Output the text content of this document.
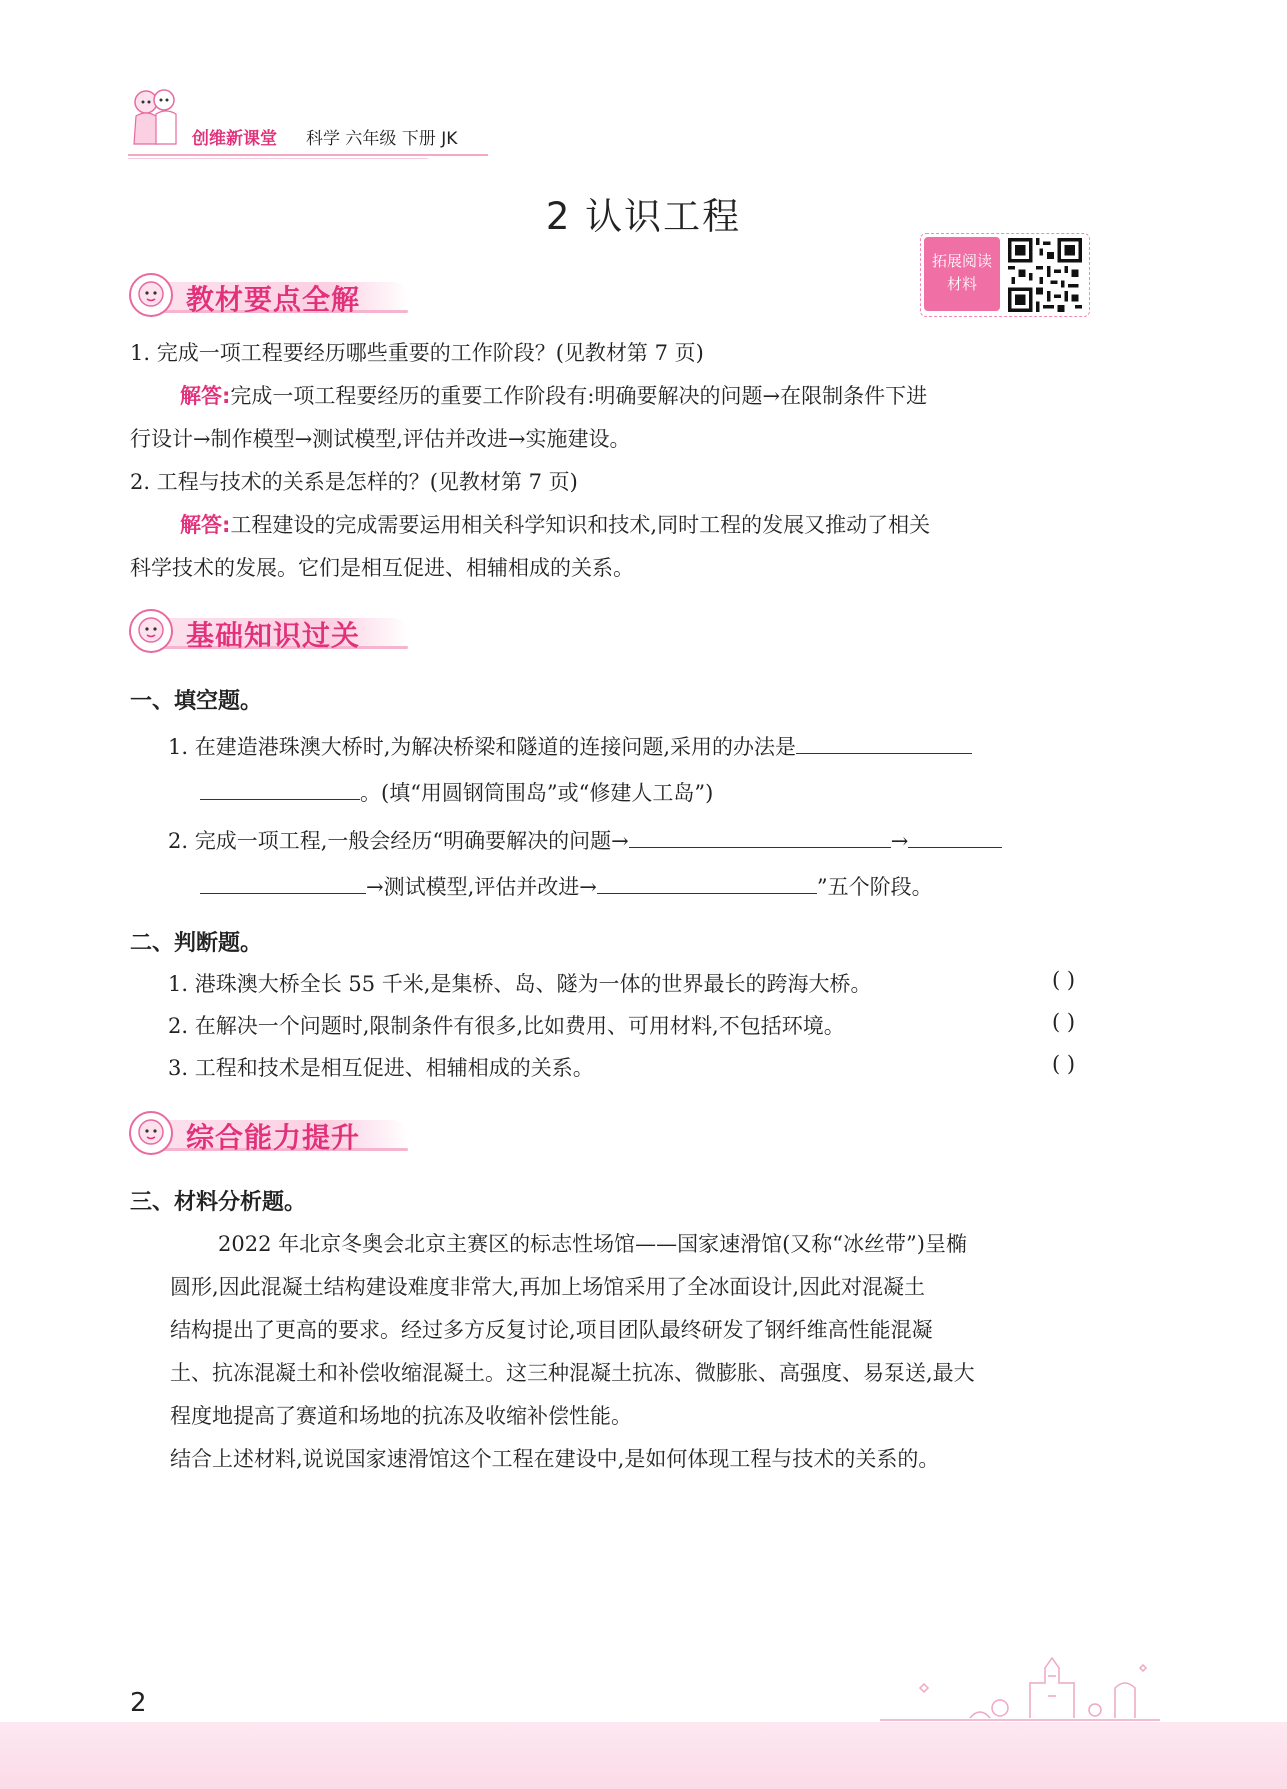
创维新课堂 科学 六年级 下册 JK
2 认识工程
拓展阅读
材料
教材要点全解
1. 完成一项工程要经历哪些重要的工作阶段？(见教材第 7 页)
解答:完成一项工程要经历的重要工作阶段有:明确要解决的问题→在限制条件下进
行设计→制作模型→测试模型,评估并改进→实施建设。
2. 工程与技术的关系是怎样的？(见教材第 7 页)
解答:工程建设的完成需要运用相关科学知识和技术,同时工程的发展又推动了相关
科学技术的发展。它们是相互促进、相辅相成的关系。
基础知识过关
一、填空题。
1. 在建造港珠澳大桥时,为解决桥梁和隧道的连接问题,采用的办法是
。(填“用圆钢筒围岛”或“修建人工岛”)
2. 完成一项工程,一般会经历“明确要解决的问题→	→
→测试模型,评估并改进→	”五个阶段。
二、判断题。
1. 港珠澳大桥全长 55 千米,是集桥、岛、隧为一体的世界最长的跨海大桥。	( )
2. 在解决一个问题时,限制条件有很多,比如费用、可用材料,不包括环境。	( )
3. 工程和技术是相互促进、相辅相成的关系。	( )
综合能力提升
三、材料分析题。
2022 年北京冬奥会北京主赛区的标志性场馆——国家速滑馆(又称“冰丝带”)呈椭
圆形,因此混凝土结构建设难度非常大,再加上场馆采用了全冰面设计,因此对混凝土
结构提出了更高的要求。经过多方反复讨论,项目团队最终研发了钢纤维高性能混凝
土、抗冻混凝土和补偿收缩混凝土。这三种混凝土抗冻、微膨胀、高强度、易泵送,最大
程度地提高了赛道和场地的抗冻及收缩补偿性能。
结合上述材料,说说国家速滑馆这个工程在建设中,是如何体现工程与技术的关系的。
2
